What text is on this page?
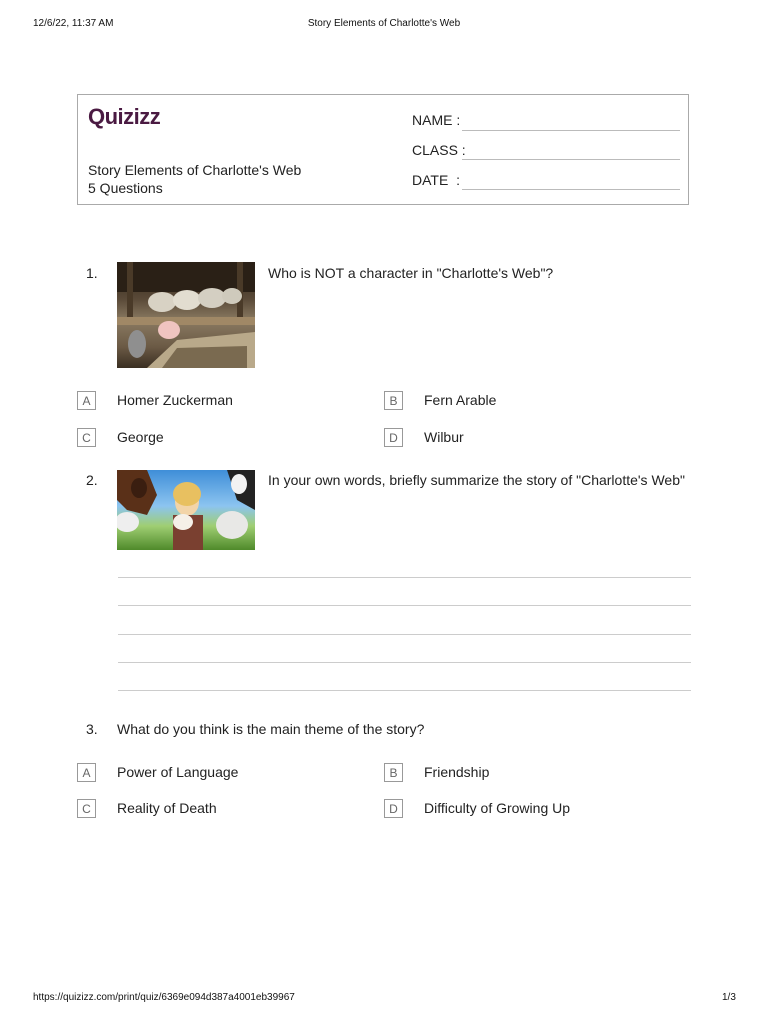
12/6/22, 11:37 AM	Story Elements of Charlotte's Web
Quizizz
Story Elements of Charlotte's Web
5 Questions
NAME :
CLASS :
DATE  :
1.	Who is NOT a character in "Charlotte's Web"?
A	Homer Zuckerman	B	Fern Arable
C	George	D	Wilbur
2.	In your own words, briefly summarize the story of "Charlotte's Web"
3. What do you think is the main theme of the story?
A	Power of Language	B	Friendship
C	Reality of Death	D	Difficulty of Growing Up
https://quizizz.com/print/quiz/6369e094d387a4001eb39967	1/3
